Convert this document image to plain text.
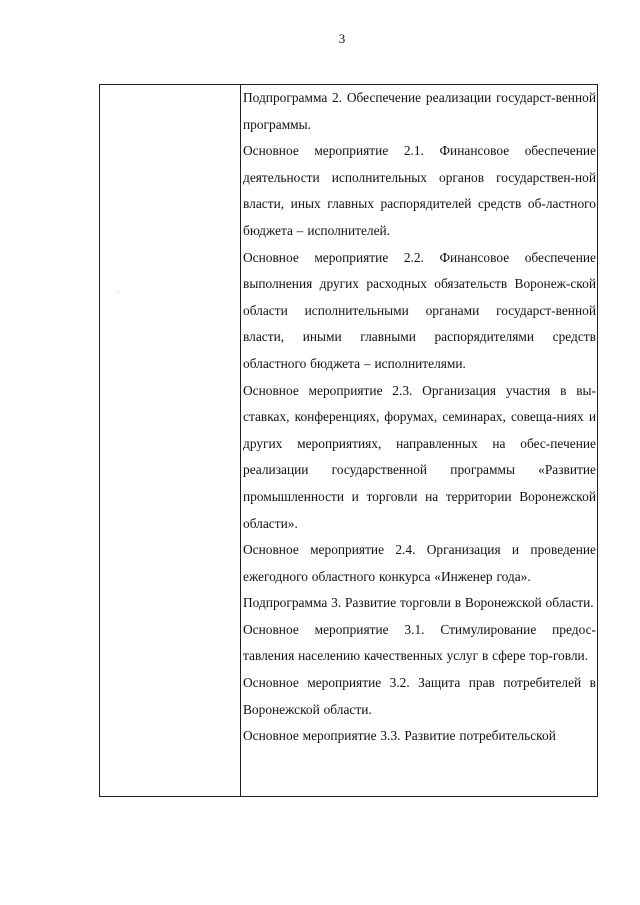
3

Подпрограмма 2. Обеспечение реализации государст-венной программы.

Основное мероприятие 2.1. Финансовое обеспечение деятельности исполнительных органов государствен-ной власти, иных главных распорядителей средств об-ластного бюджета – исполнителей.

Основное мероприятие 2.2. Финансовое обеспечение выполнения других расходных обязательств Воронеж-ской области исполнительными органами государст-венной власти, иными главными распорядителями средств областного бюджета – исполнителями.

Основное мероприятие 2.3. Организация участия в вы-ставках, конференциях, форумах, семинарах, совеща-ниях и других мероприятиях, направленных на обес-печение реализации государственной программы «Развитие промышленности и торговли на территории Воронежской области».

Основное мероприятие 2.4. Организация и проведение ежегодного областного конкурса «Инженер года».

Подпрограмма 3. Развитие торговли в Воронежской области.

Основное мероприятие 3.1. Стимулирование предос-тавления населению качественных услуг в сфере тор-говли.

Основное мероприятие 3.2. Защита прав потребителей в Воронежской области.

Основное мероприятие 3.3. Развитие потребительской
